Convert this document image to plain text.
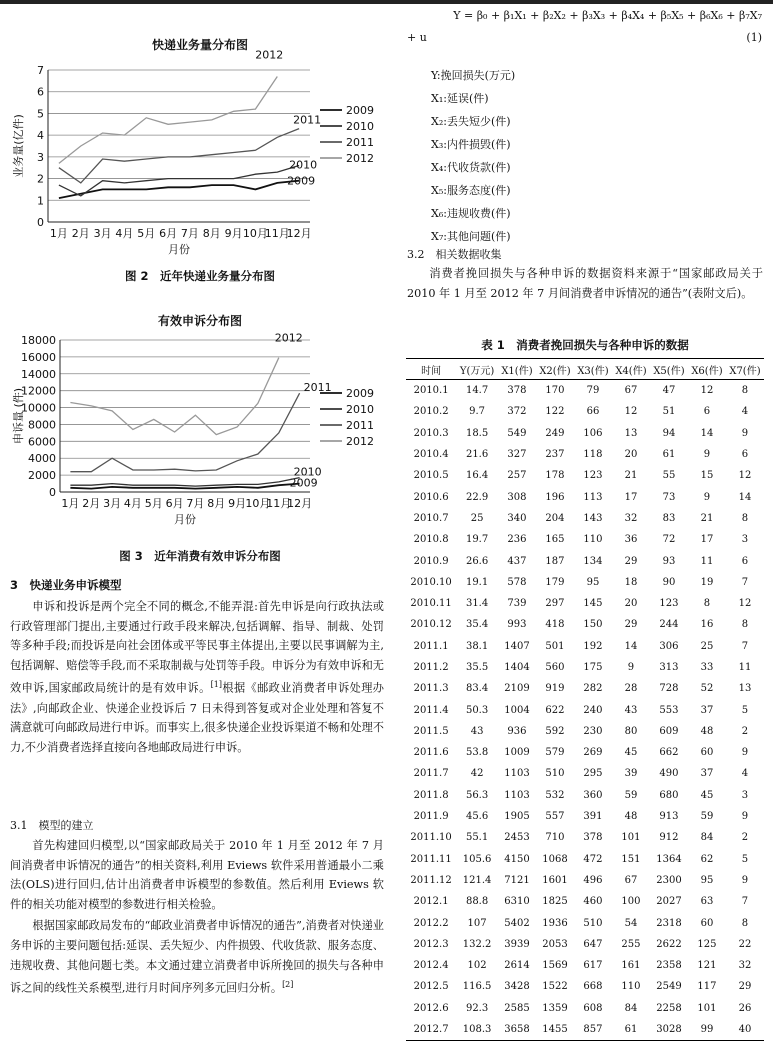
快递业务量分布图
0
1
2
3
4
5
6
7
1月 2月 3月 4月 5月 6月 7月 8月 9月 10月
11月
12月
月份
业务量(亿件)
2009
2010
2011
2012
2009
2010
2011
2012
图 2　近年快递业务量分布图
有效申诉分布图
0
2000
4000
6000
8000
10000
12000
14000
16000
18000
1月 2月 3月 4月 5月 6月 7月 8月 9月 10月
11月
12月
月份
申诉量 (件)
2009
2010
2011
2012
2009
2010
2011
2012
图 3　近年消费有效申诉分布图
3　快递业务申诉模型

申诉和投诉是两个完全不同的概念,不能弄混:首先申诉是向行政执法或行政管理部门提出,主要通过行政手段来解决,包括调解、指导、制裁、处罚等多种手段;而投诉是向社会团体或平等民事主体提出,主要以民事调解为主,包括调解、赔偿等手段,而不采取制裁与处罚等手段。申诉分为有效申诉和无效申诉,国家邮政局统计的是有效申诉。[1]根据《邮政业消费者申诉处理办法》,向邮政企业、快递企业投诉后 7 日未得到答复或对企业处理和答复不满意就可向邮政局进行申诉。而事实上,很多快递企业投诉渠道不畅和处理不力,不少消费者选择直接向各地邮政局进行申诉。

3.1　模型的建立

首先构建回归模型,以“国家邮政局关于 2010 年 1 月至 2012 年 7 月间消费者申诉情况的通告”的相关资料,利用 Eviews 软件采用普通最小二乘法(OLS)进行回归,估计出消费者申诉模型的参数值。然后利用 Eviews 软件的相关功能对模型的参数进行相关检验。

根据国家邮政局发布的“邮政业消费者申诉情况的通告”,消费者对快递业务申诉的主要问题包括:延误、丢失短少、内件损毁、代收货款、服务态度、违规收费、其他问题七类。本文通过建立消费者申诉所挽回的损失与各种申诉之间的线性关系模型,进行月时间序列多元回归分析。[2]

Y = β₀ + β₁X₁ + β₂X₂ + β₃X₃ + β₄X₄ + β₅X₅ + β₆X₆ + β₇X₇
+ u	(1)
Y:挽回损失(万元)
X₁:延误(件)
X₂:丢失短少(件)
X₃:内件损毁(件)
X₄:代收货款(件)
X₅:服务态度(件)
X₆:违规收费(件)
X₇:其他问题(件)
3.2　相关数据收集

消费者挽回损失与各种申诉的数据资料来源于“国家邮政局关于 2010 年 1 月至 2012 年 7 月间消费者申诉情况的通告”(表附文后)。

表 1　消费者挽回损失与各种申诉的数据
时间	Y(万元)	X1(件)	X2(件)	X3(件)	X4(件)	X5(件)	X6(件)	X7(件)
2010.1	14.7	378	170	79	67	47	12	8
2010.2	9.7	372	122	66	12	51	6	4
2010.3	18.5	549	249	106	13	94	14	9
2010.4	21.6	327	237	118	20	61	9	6
2010.5	16.4	257	178	123	21	55	15	12
2010.6	22.9	308	196	113	17	73	9	14
2010.7	25	340	204	143	32	83	21	8
2010.8	19.7	236	165	110	36	72	17	3
2010.9	26.6	437	187	134	29	93	11	6
2010.10	19.1	578	179	95	18	90	19	7
2010.11	31.4	739	297	145	20	123	8	12
2010.12	35.4	993	418	150	29	244	16	8
2011.1	38.1	1407	501	192	14	306	25	7
2011.2	35.5	1404	560	175	9	313	33	11
2011.3	83.4	2109	919	282	28	728	52	13
2011.4	50.3	1004	622	240	43	553	37	5
2011.5	43	936	592	230	80	609	48	2
2011.6	53.8	1009	579	269	45	662	60	9
2011.7	42	1103	510	295	39	490	37	4
2011.8	56.3	1103	532	360	59	680	45	3
2011.9	45.6	1905	557	391	48	913	59	9
2011.10	55.1	2453	710	378	101	912	84	2
2011.11	105.6	4150	1068	472	151	1364	62	5
2011.12	121.4	7121	1601	496	67	2300	95	9
2012.1	88.8	6310	1825	460	100	2027	63	7
2012.2	107	5402	1936	510	54	2318	60	8
2012.3	132.2	3939	2053	647	255	2622	125	22
2012.4	102	2614	1569	617	161	2358	121	32
2012.5	116.5	3428	1522	668	110	2549	117	29
2012.6	92.3	2585	1359	608	84	2258	101	26
2012.7	108.3	3658	1455	857	61	3028	99	40
